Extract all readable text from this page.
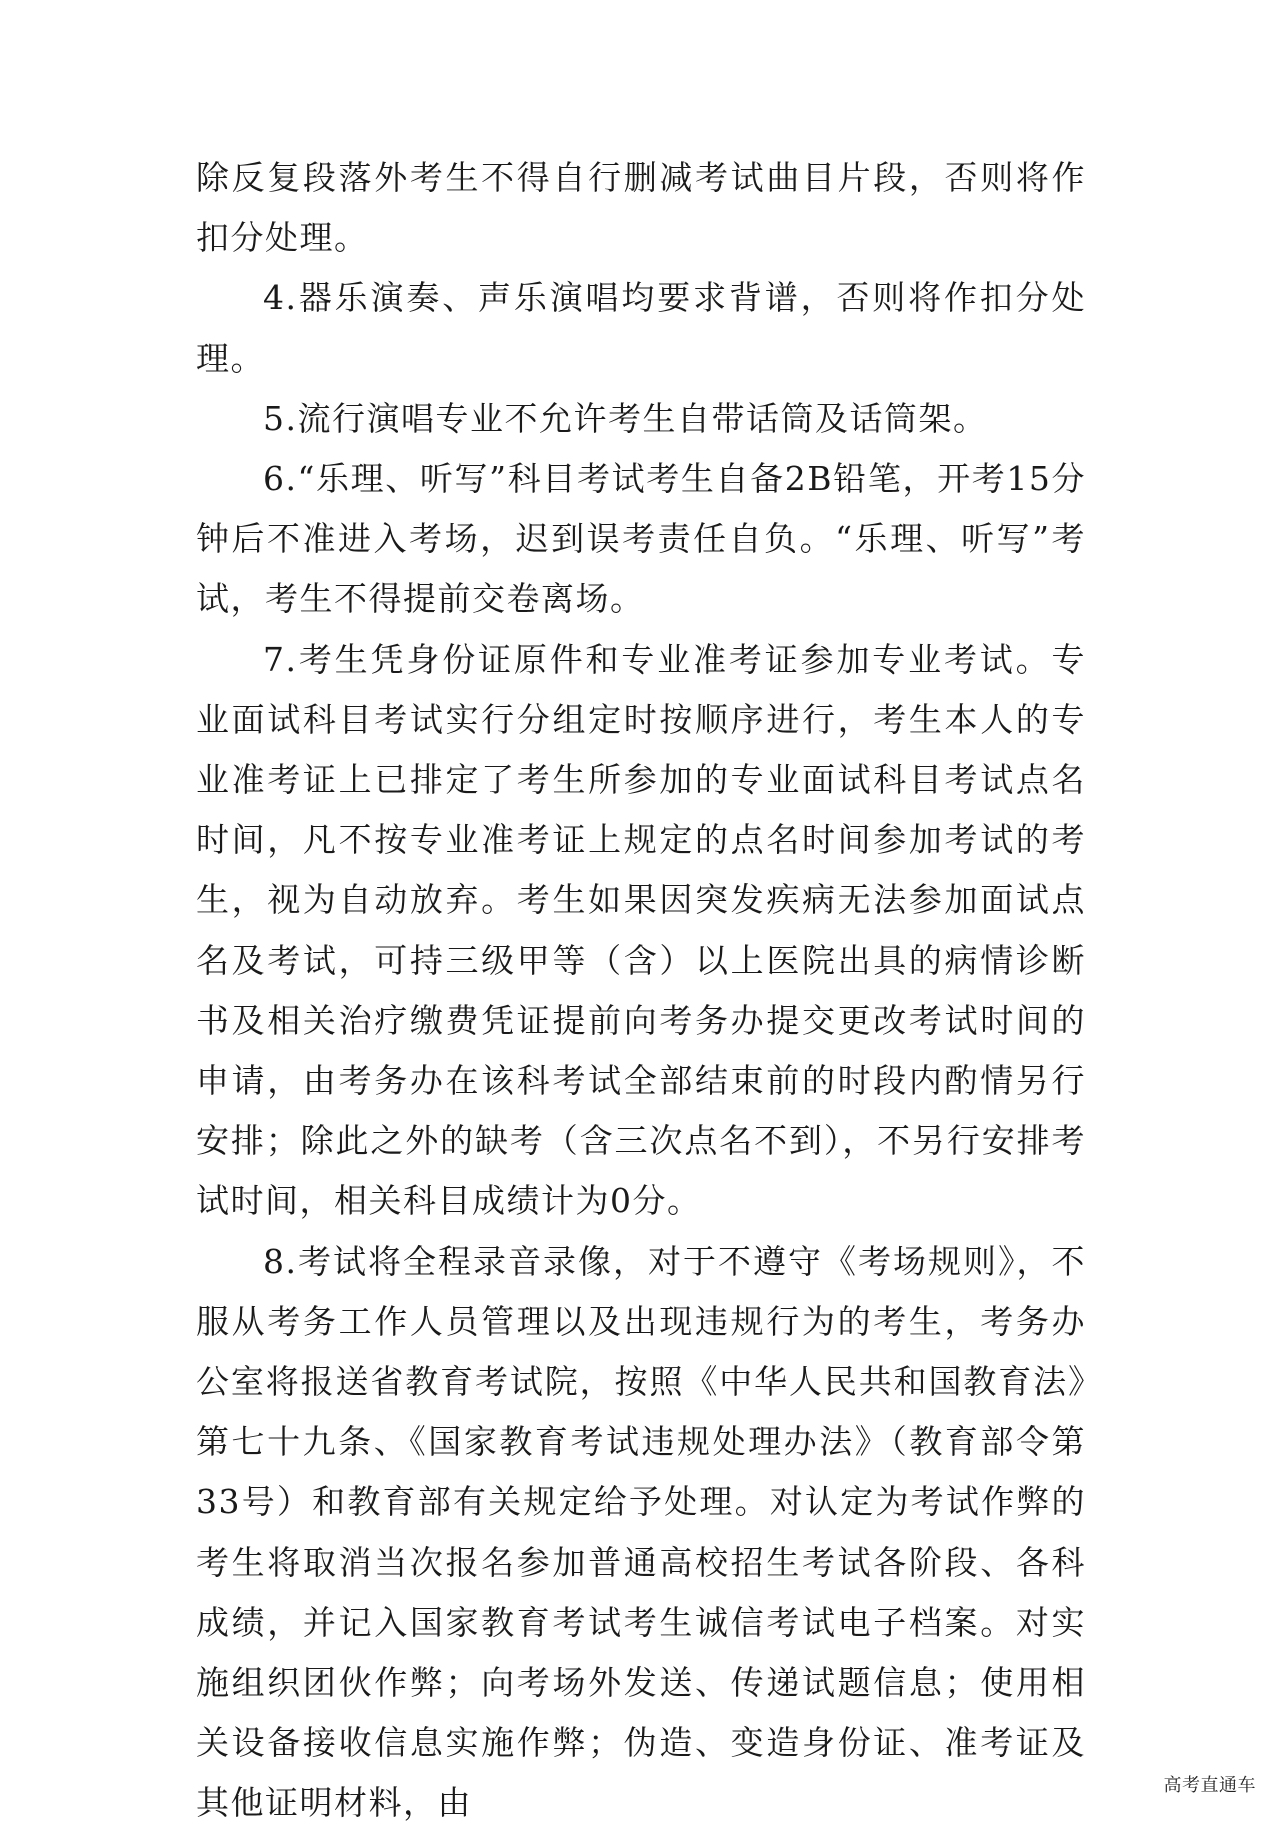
除反复段落外考生不得自行删减考试曲目片段，否则将作扣分处理。

4.器乐演奏、声乐演唱均要求背谱，否则将作扣分处理。

5.流行演唱专业不允许考生自带话筒及话筒架。

6.“乐理、听写”科目考试考生自备2B铅笔，开考15分钟后不准进入考场，迟到误考责任自负。“乐理、听写”考试，考生不得提前交卷离场。

7.考生凭身份证原件和专业准考证参加专业考试。专业面试科目考试实行分组定时按顺序进行，考生本人的专业准考证上已排定了考生所参加的专业面试科目考试点名时间，凡不按专业准考证上规定的点名时间参加考试的考生，视为自动放弃。考生如果因突发疾病无法参加面试点名及考试，可持三级甲等（含）以上医院出具的病情诊断书及相关治疗缴费凭证提前向考务办提交更改考试时间的申请，由考务办在该科考试全部结束前的时段内酌情另行安排；除此之外的缺考（含三次点名不到），不另行安排考试时间，相关科目成绩计为0分。

8.考试将全程录音录像，对于不遵守《考场规则》，不服从考务工作人员管理以及出现违规行为的考生，考务办公室将报送省教育考试院，按照《中华人民共和国教育法》第七十九条、《国家教育考试违规处理办法》（教育部令第33号）和教育部有关规定给予处理。对认定为考试作弊的考生将取消当次报名参加普通高校招生考试各阶段、各科成绩，并记入国家教育考试考生诚信考试电子档案。对实施组织团伙作弊；向考场外发送、传递试题信息；使用相关设备接收信息实施作弊；伪造、变造身份证、准考证及其他证明材料，由	高考直通车
